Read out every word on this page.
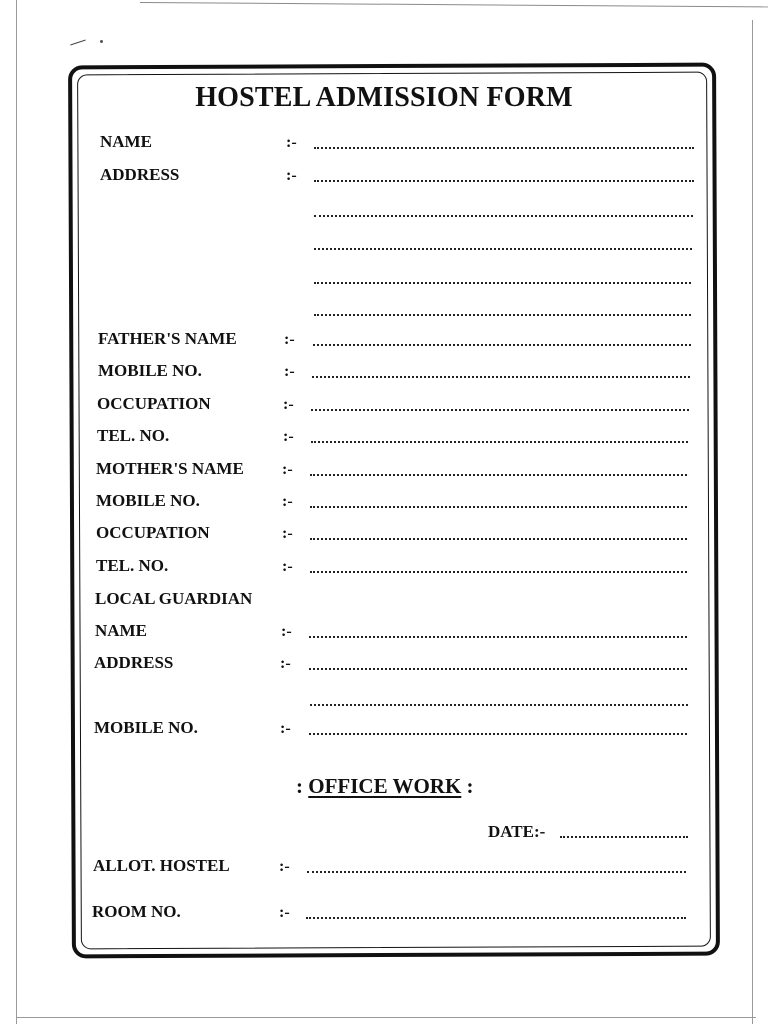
HOSTEL ADMISSION FORM
NAME	:-
ADDRESS	:-
FATHER'S NAME	:-
MOBILE NO.	:-
OCCUPATION	:-
TEL. NO.	:-
MOTHER'S NAME :-
MOBILE NO.	:-
OCCUPATION	:-
TEL. NO.	:-
LOCAL GUARDIAN
NAME	:-
ADDRESS	:-
MOBILE NO.	:-
: OFFICE WORK :
DATE:-
ALLOT. HOSTEL	:-
ROOM NO.	:-
